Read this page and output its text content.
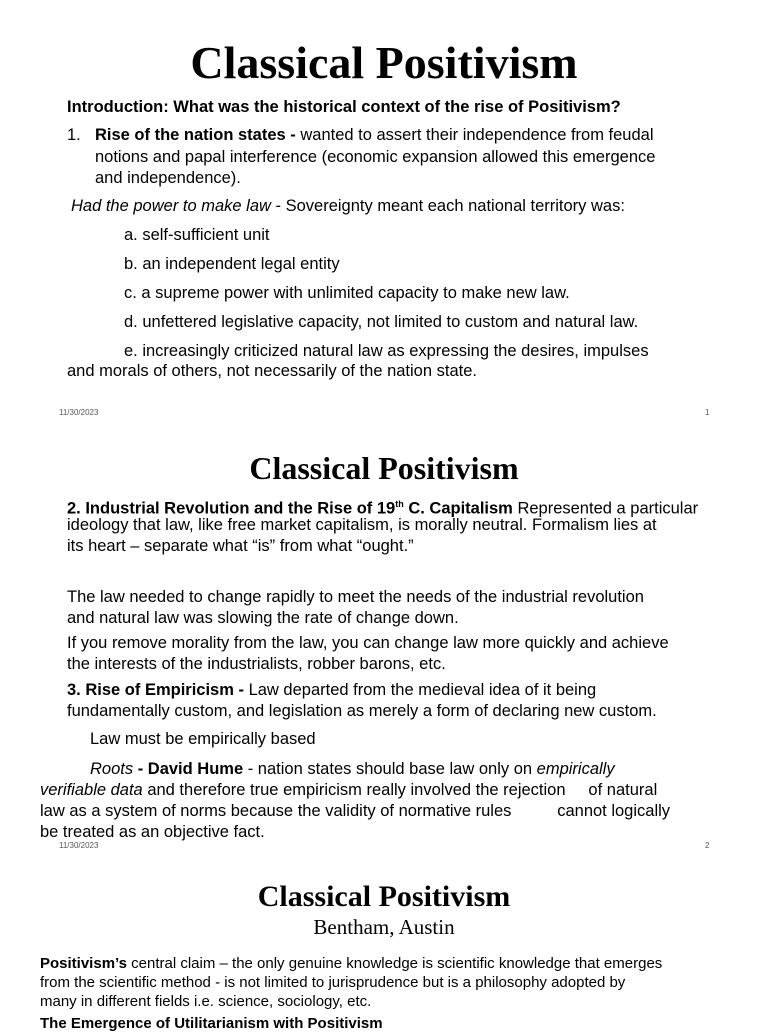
Classical Positivism
Introduction: What was the historical context of the rise of Positivism?
1. Rise of the nation states - wanted to assert their independence from feudal
notions and papal interference (economic expansion allowed this emergence
and independence).
Had the power to make law - Sovereignty meant each national territory was:
a. self-sufficient unit
b. an independent legal entity
c. a supreme power with unlimited capacity to make new law.
d. unfettered legislative capacity, not limited to custom and natural law.
e. increasingly criticized natural law as expressing the desires, impulses
and morals of others, not necessarily of the nation state.
11/30/2023	1
Classical Positivism
2. Industrial Revolution and the Rise of 19th C. Capitalism Represented a particular
ideology that law, like free market capitalism, is morally neutral. Formalism lies at
its heart – separate what “is” from what “ought.”
The law needed to change rapidly to meet the needs of the industrial revolution
and natural law was slowing the rate of change down.
If you remove morality from the law, you can change law more quickly and achieve
the interests of the industrialists, robber barons, etc.
3. Rise of Empiricism - Law departed from the medieval idea of it being
fundamentally custom, and legislation as merely a form of declaring new custom.
Law must be empirically based
Roots - David Hume - nation states should base law only on empirically
verifiable data and therefore true empiricism really involved the rejection     of natural
law as a system of norms because the validity of normative rules          cannot logically
be treated as an objective fact.
11/30/2023	2
Classical Positivism
Bentham, Austin
Positivism’s central claim – the only genuine knowledge is scientific knowledge that emerges
from the scientific method - is not limited to jurisprudence but is a philosophy adopted by
many in different fields i.e. science, sociology, etc.
The Emergence of Utilitarianism with Positivism
